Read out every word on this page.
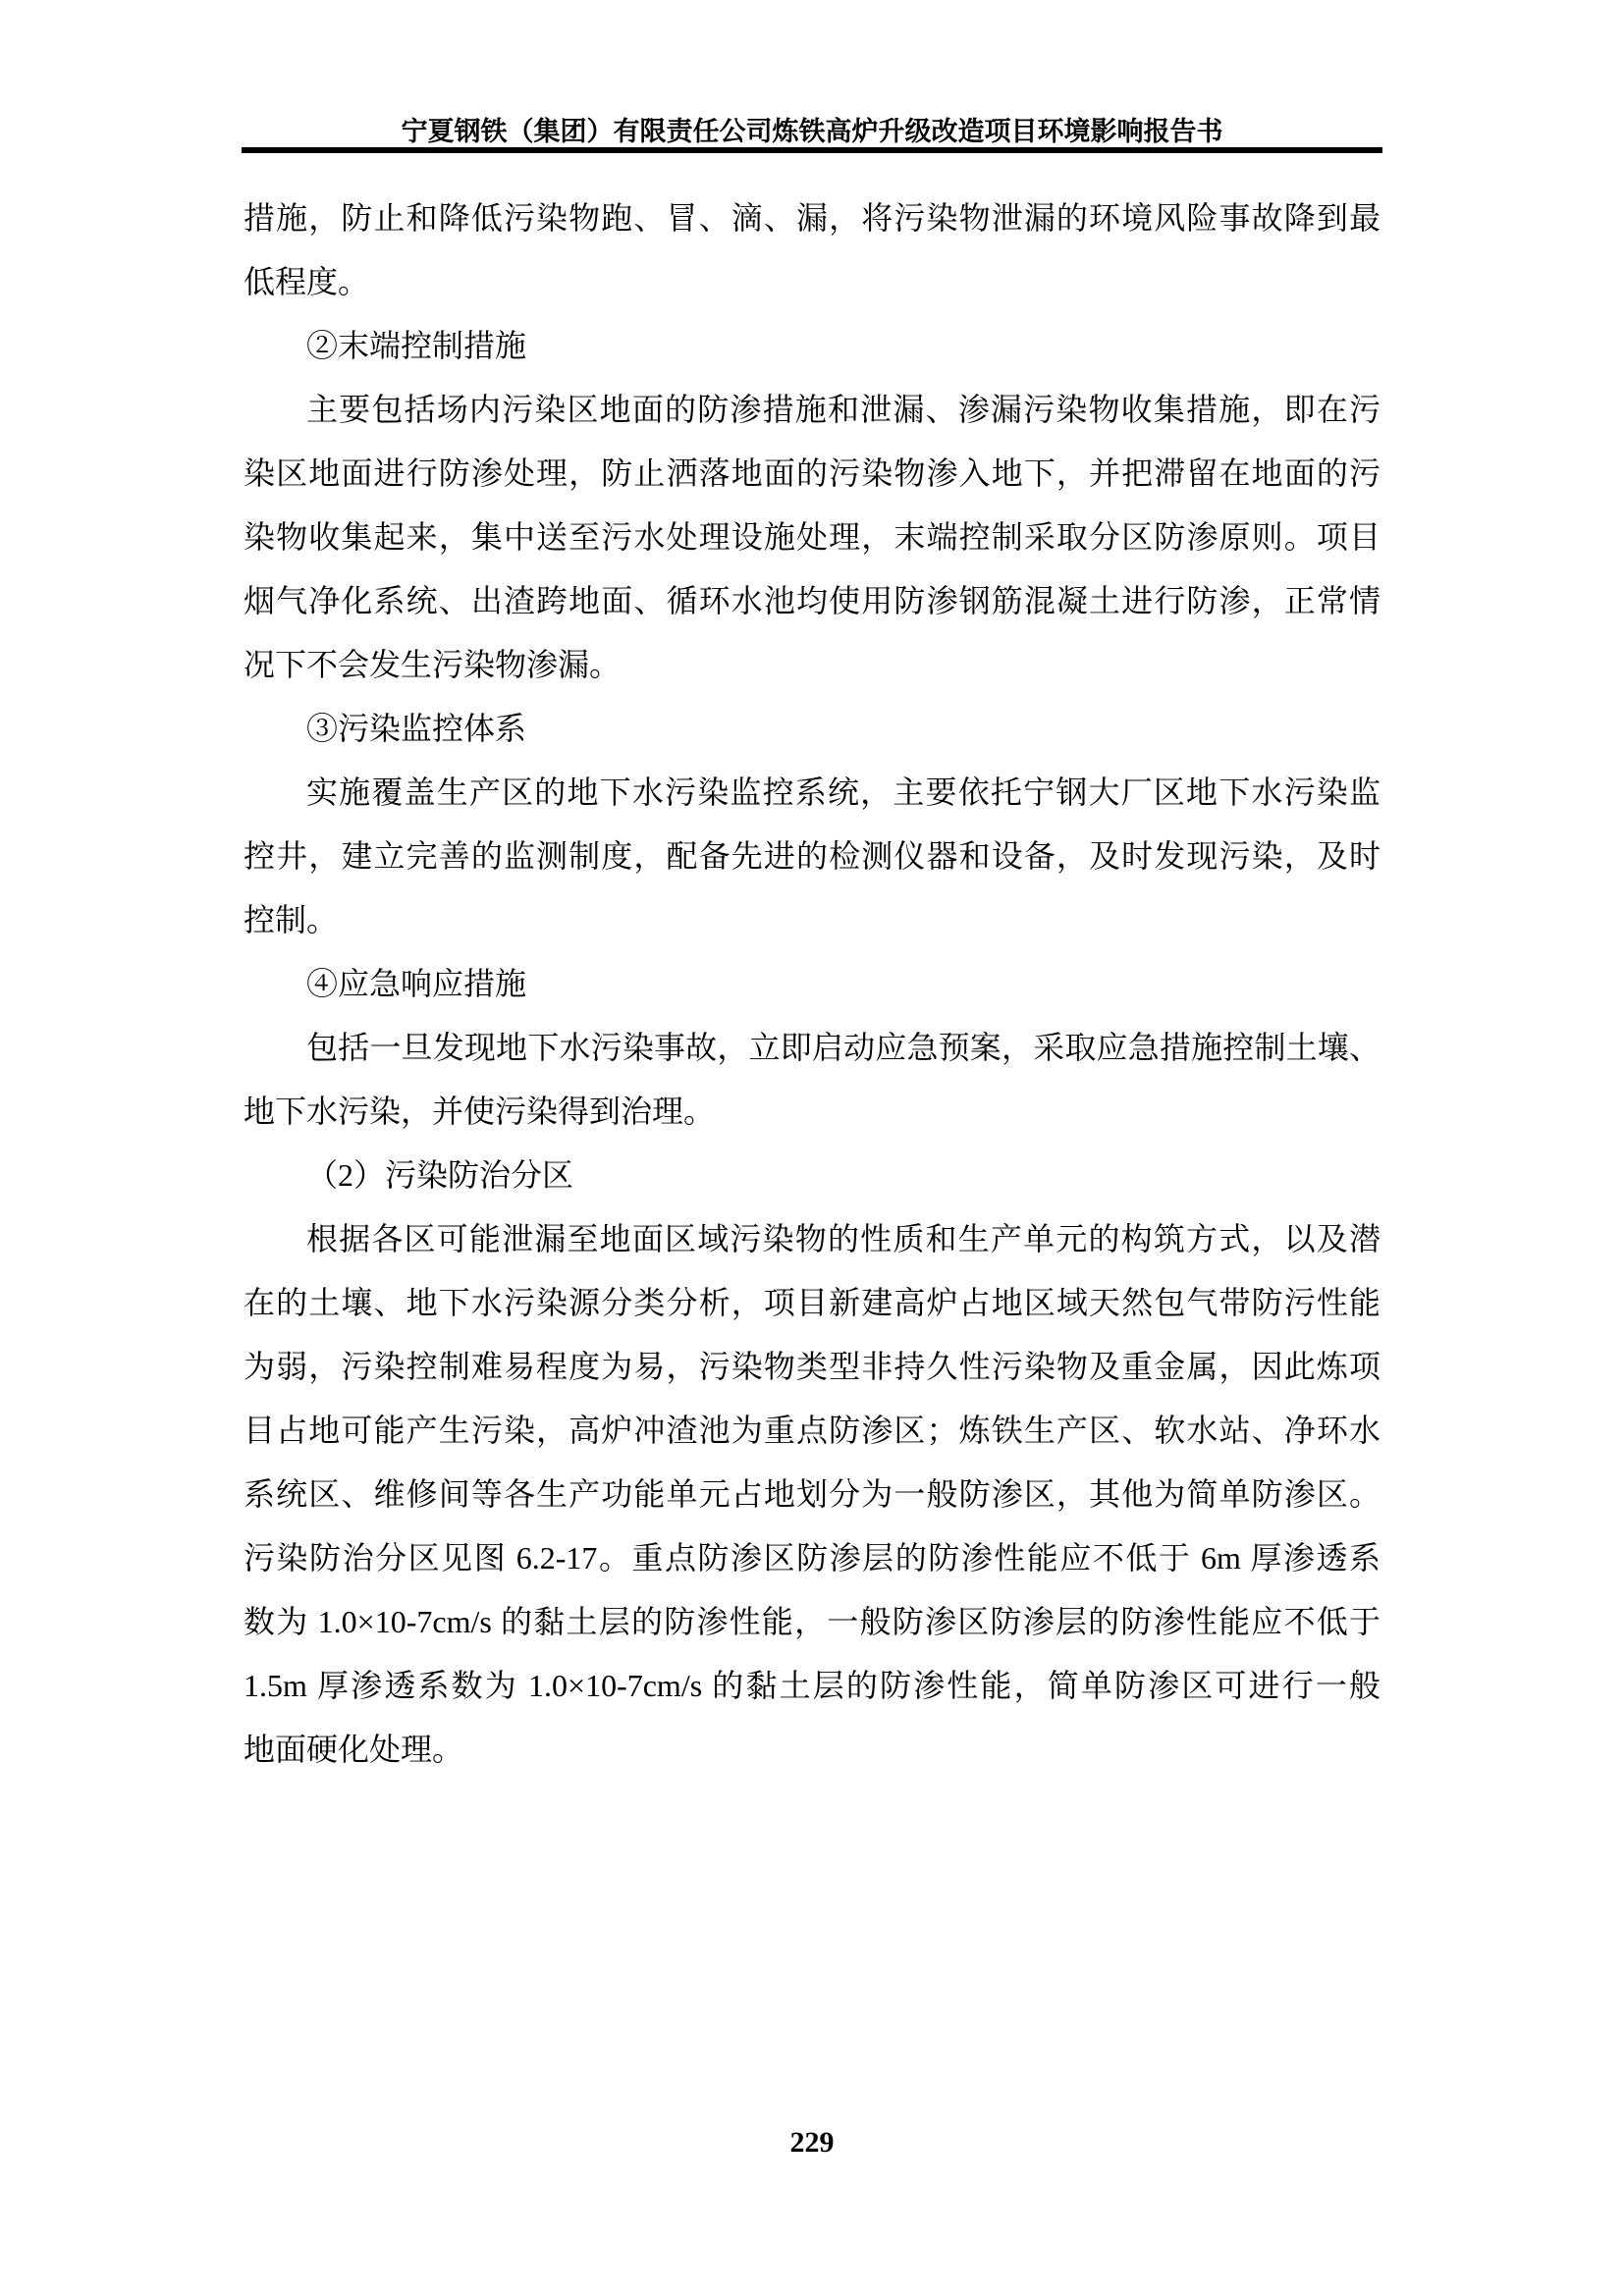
宁夏钢铁（集团）有限责任公司炼铁高炉升级改造项目环境影响报告书
措施，防止和降低污染物跑、冒、滴、漏，将污染物泄漏的环境风险事故降到最
低程度。
②末端控制措施
主要包括场内污染区地面的防渗措施和泄漏、渗漏污染物收集措施，即在污
染区地面进行防渗处理，防止洒落地面的污染物渗入地下，并把滞留在地面的污
染物收集起来，集中送至污水处理设施处理，末端控制采取分区防渗原则。项目
烟气净化系统、出渣跨地面、循环水池均使用防渗钢筋混凝土进行防渗，正常情
况下不会发生污染物渗漏。
③污染监控体系
实施覆盖生产区的地下水污染监控系统，主要依托宁钢大厂区地下水污染监
控井，建立完善的监测制度，配备先进的检测仪器和设备，及时发现污染，及时
控制。
④应急响应措施
包括一旦发现地下水污染事故，立即启动应急预案，采取应急措施控制土壤、
地下水污染，并使污染得到治理。
（2）污染防治分区
根据各区可能泄漏至地面区域污染物的性质和生产单元的构筑方式，以及潜
在的土壤、地下水污染源分类分析，项目新建高炉占地区域天然包气带防污性能
为弱，污染控制难易程度为易，污染物类型非持久性污染物及重金属，因此炼项
目占地可能产生污染，高炉冲渣池为重点防渗区；炼铁生产区、软水站、净环水
系统区、维修间等各生产功能单元占地划分为一般防渗区，其他为简单防渗区。
污染防治分区见图 6.2-17。重点防渗区防渗层的防渗性能应不低于 6m 厚渗透系
数为 1.0×10-7cm/s 的黏土层的防渗性能，一般防渗区防渗层的防渗性能应不低于
1.5m 厚渗透系数为 1.0×10-7cm/s 的黏土层的防渗性能，简单防渗区可进行一般
地面硬化处理。
229
